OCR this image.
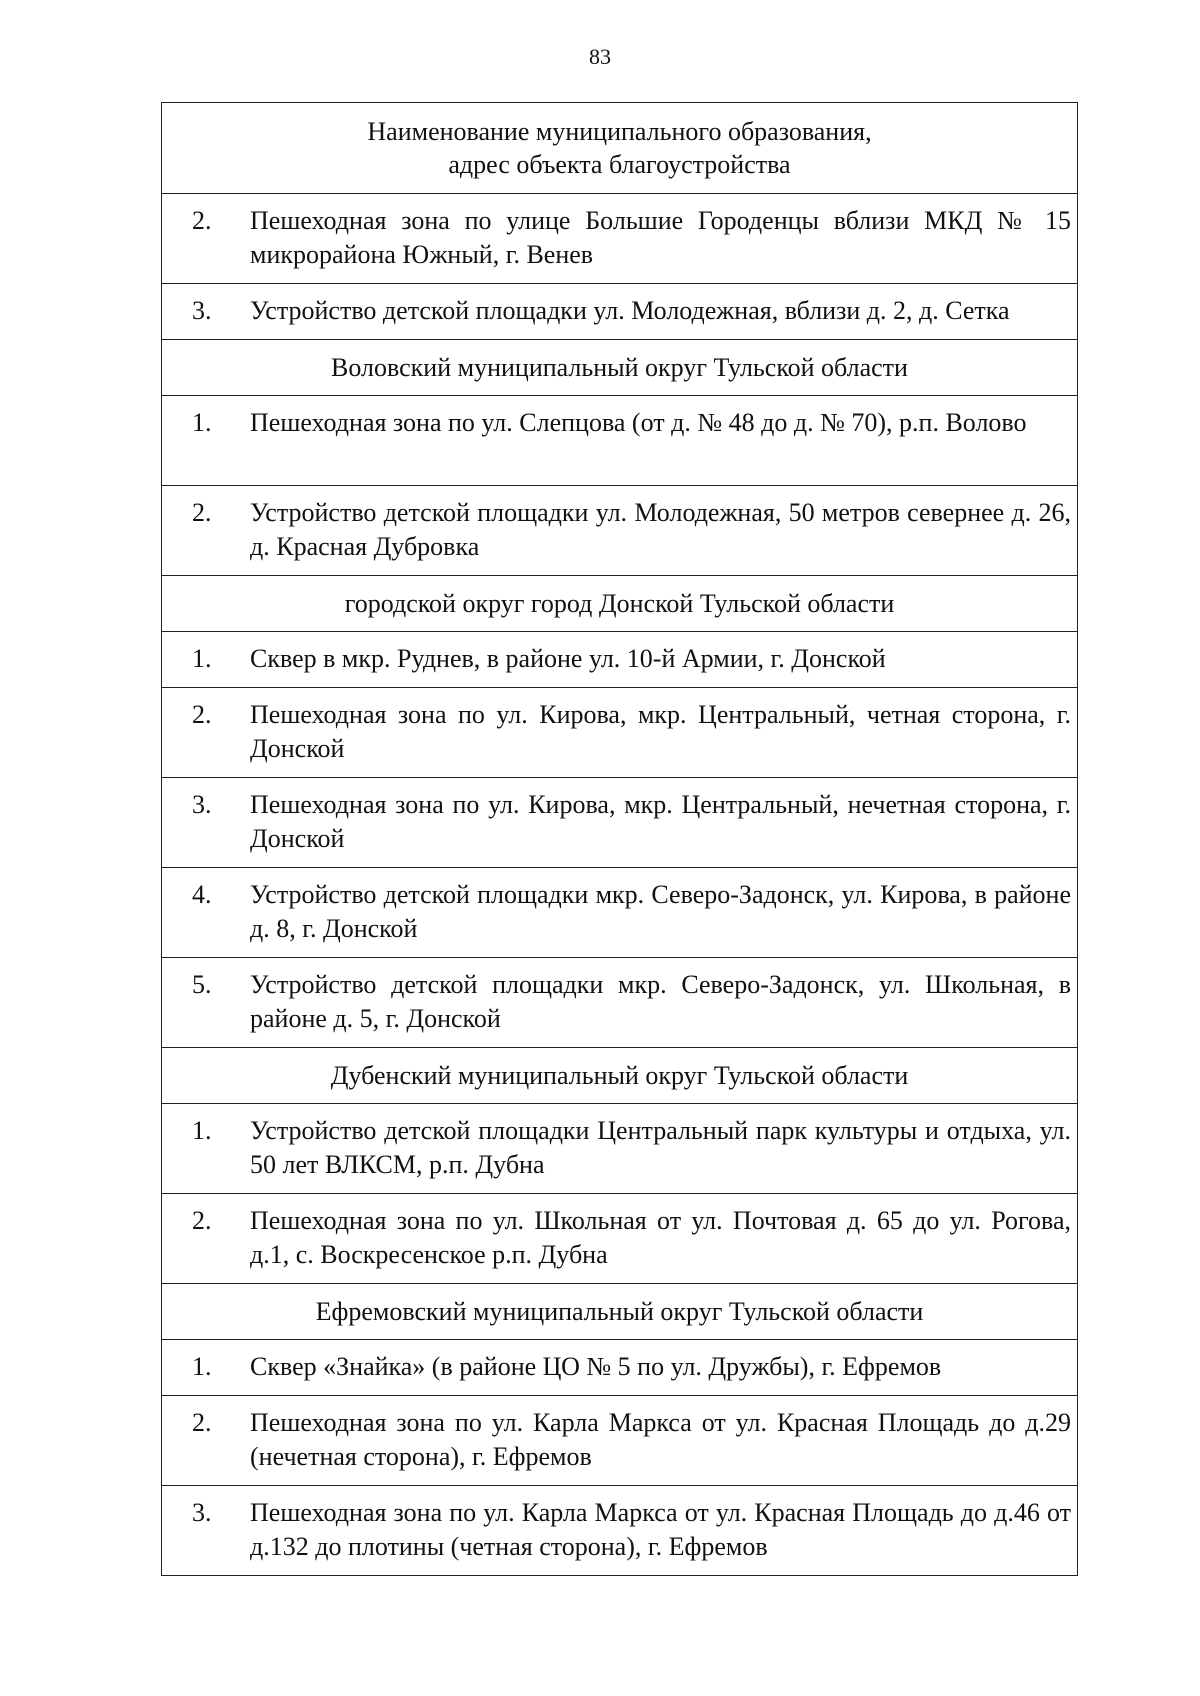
83
Наименование муниципального образования,
адрес объекта благоустройства
2.	Пешеходная зона по улице Большие Городенцы вблизи МКД № 15 микрорайона Южный, г. Венев
3.	Устройство детской площадки ул. Молодежная, вблизи д. 2, д. Сетка
Воловский муниципальный округ Тульской области
1.	Пешеходная зона по ул. Слепцова (от д. № 48 до д. № 70), р.п. Волово
2.	Устройство детской площадки ул. Молодежная, 50 метров севернее д. 26, д. Красная Дубровка
городской округ город Донской Тульской области
1.	Сквер в мкр. Руднев, в районе ул. 10-й Армии, г. Донской
2.	Пешеходная зона по ул. Кирова, мкр. Центральный, четная сторона, г. Донской
3.	Пешеходная зона по ул. Кирова, мкр. Центральный, нечетная сторона, г. Донской
4.	Устройство детской площадки мкр. Северо-Задонск, ул. Кирова, в районе д. 8, г. Донской
5.	Устройство детской площадки мкр. Северо-Задонск, ул. Школьная, в районе д. 5, г. Донской
Дубенский муниципальный округ Тульской области
1.	Устройство детской площадки Центральный парк культуры и отдыха, ул. 50 лет ВЛКСМ, р.п. Дубна
2.	Пешеходная зона по ул. Школьная от ул. Почтовая д. 65 до ул. Рогова, д.1, с. Воскресенское р.п. Дубна
Ефремовский муниципальный округ Тульской области
1.	Сквер «Знайка» (в районе ЦО № 5 по ул. Дружбы), г. Ефремов
2.	Пешеходная зона по ул. Карла Маркса от ул. Красная Площадь до д.29 (нечетная сторона), г. Ефремов
3.	Пешеходная зона по ул. Карла Маркса от ул. Красная Площадь до д.46 от д.132 до плотины (четная сторона), г. Ефремов
